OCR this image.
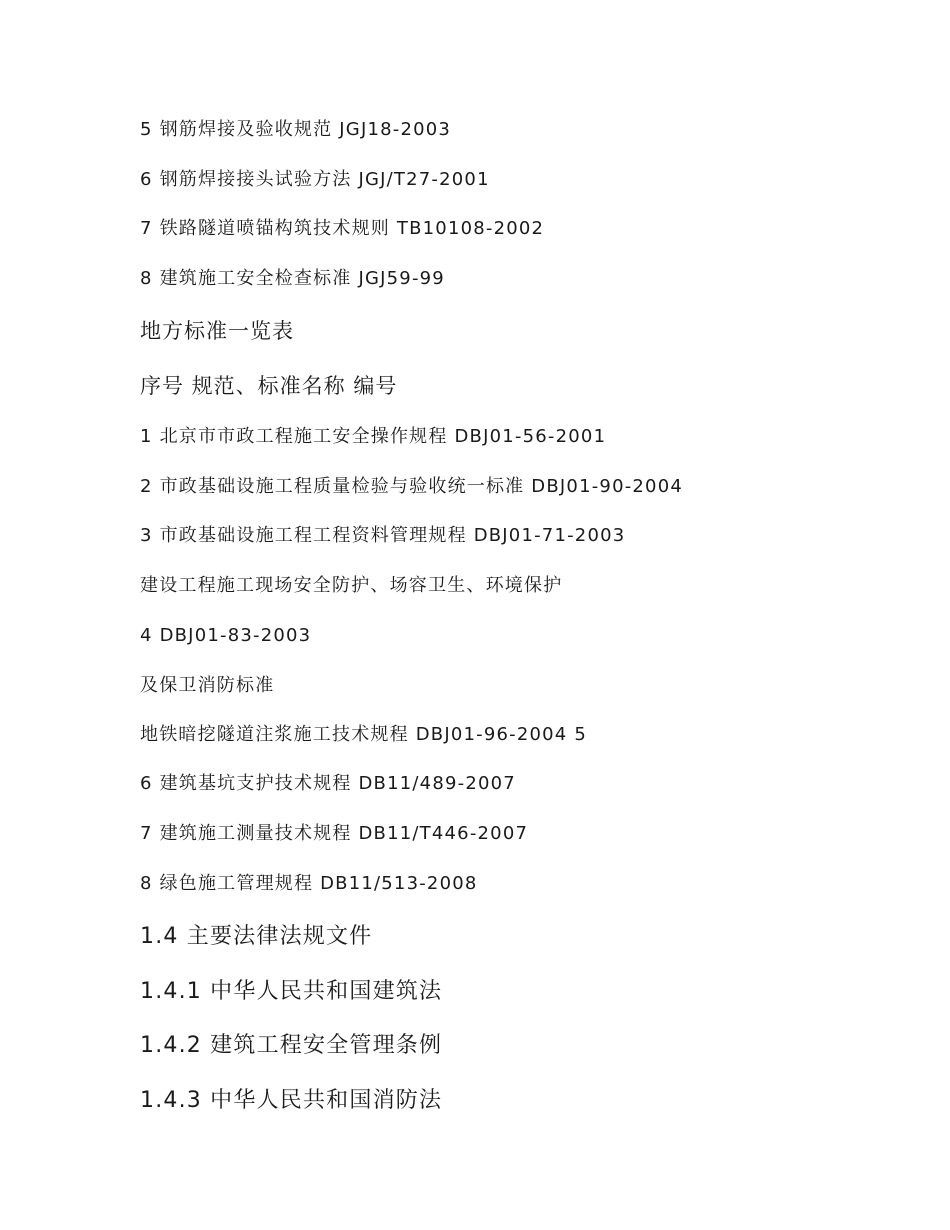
5 钢筋焊接及验收规范 JGJ18-2003
6 钢筋焊接接头试验方法 JGJ/T27-2001
7 铁路隧道喷锚构筑技术规则 TB10108-2002
8 建筑施工安全检查标准 JGJ59-99
地方标准一览表
序号 规范、标准名称 编号
1 北京市市政工程施工安全操作规程 DBJ01-56-2001
2 市政基础设施工程质量检验与验收统一标准 DBJ01-90-2004
3 市政基础设施工程工程资料管理规程 DBJ01-71-2003
建设工程施工现场安全防护、场容卫生、环境保护
4 DBJ01-83-2003
及保卫消防标准
地铁暗挖隧道注浆施工技术规程 DBJ01-96-2004 5
6 建筑基坑支护技术规程 DB11/489-2007
7 建筑施工测量技术规程 DB11/T446-2007
8 绿色施工管理规程 DB11/513-2008
1.4 主要法律法规文件
1.4.1 中华人民共和国建筑法
1.4.2 建筑工程安全管理条例
1.4.3 中华人民共和国消防法
